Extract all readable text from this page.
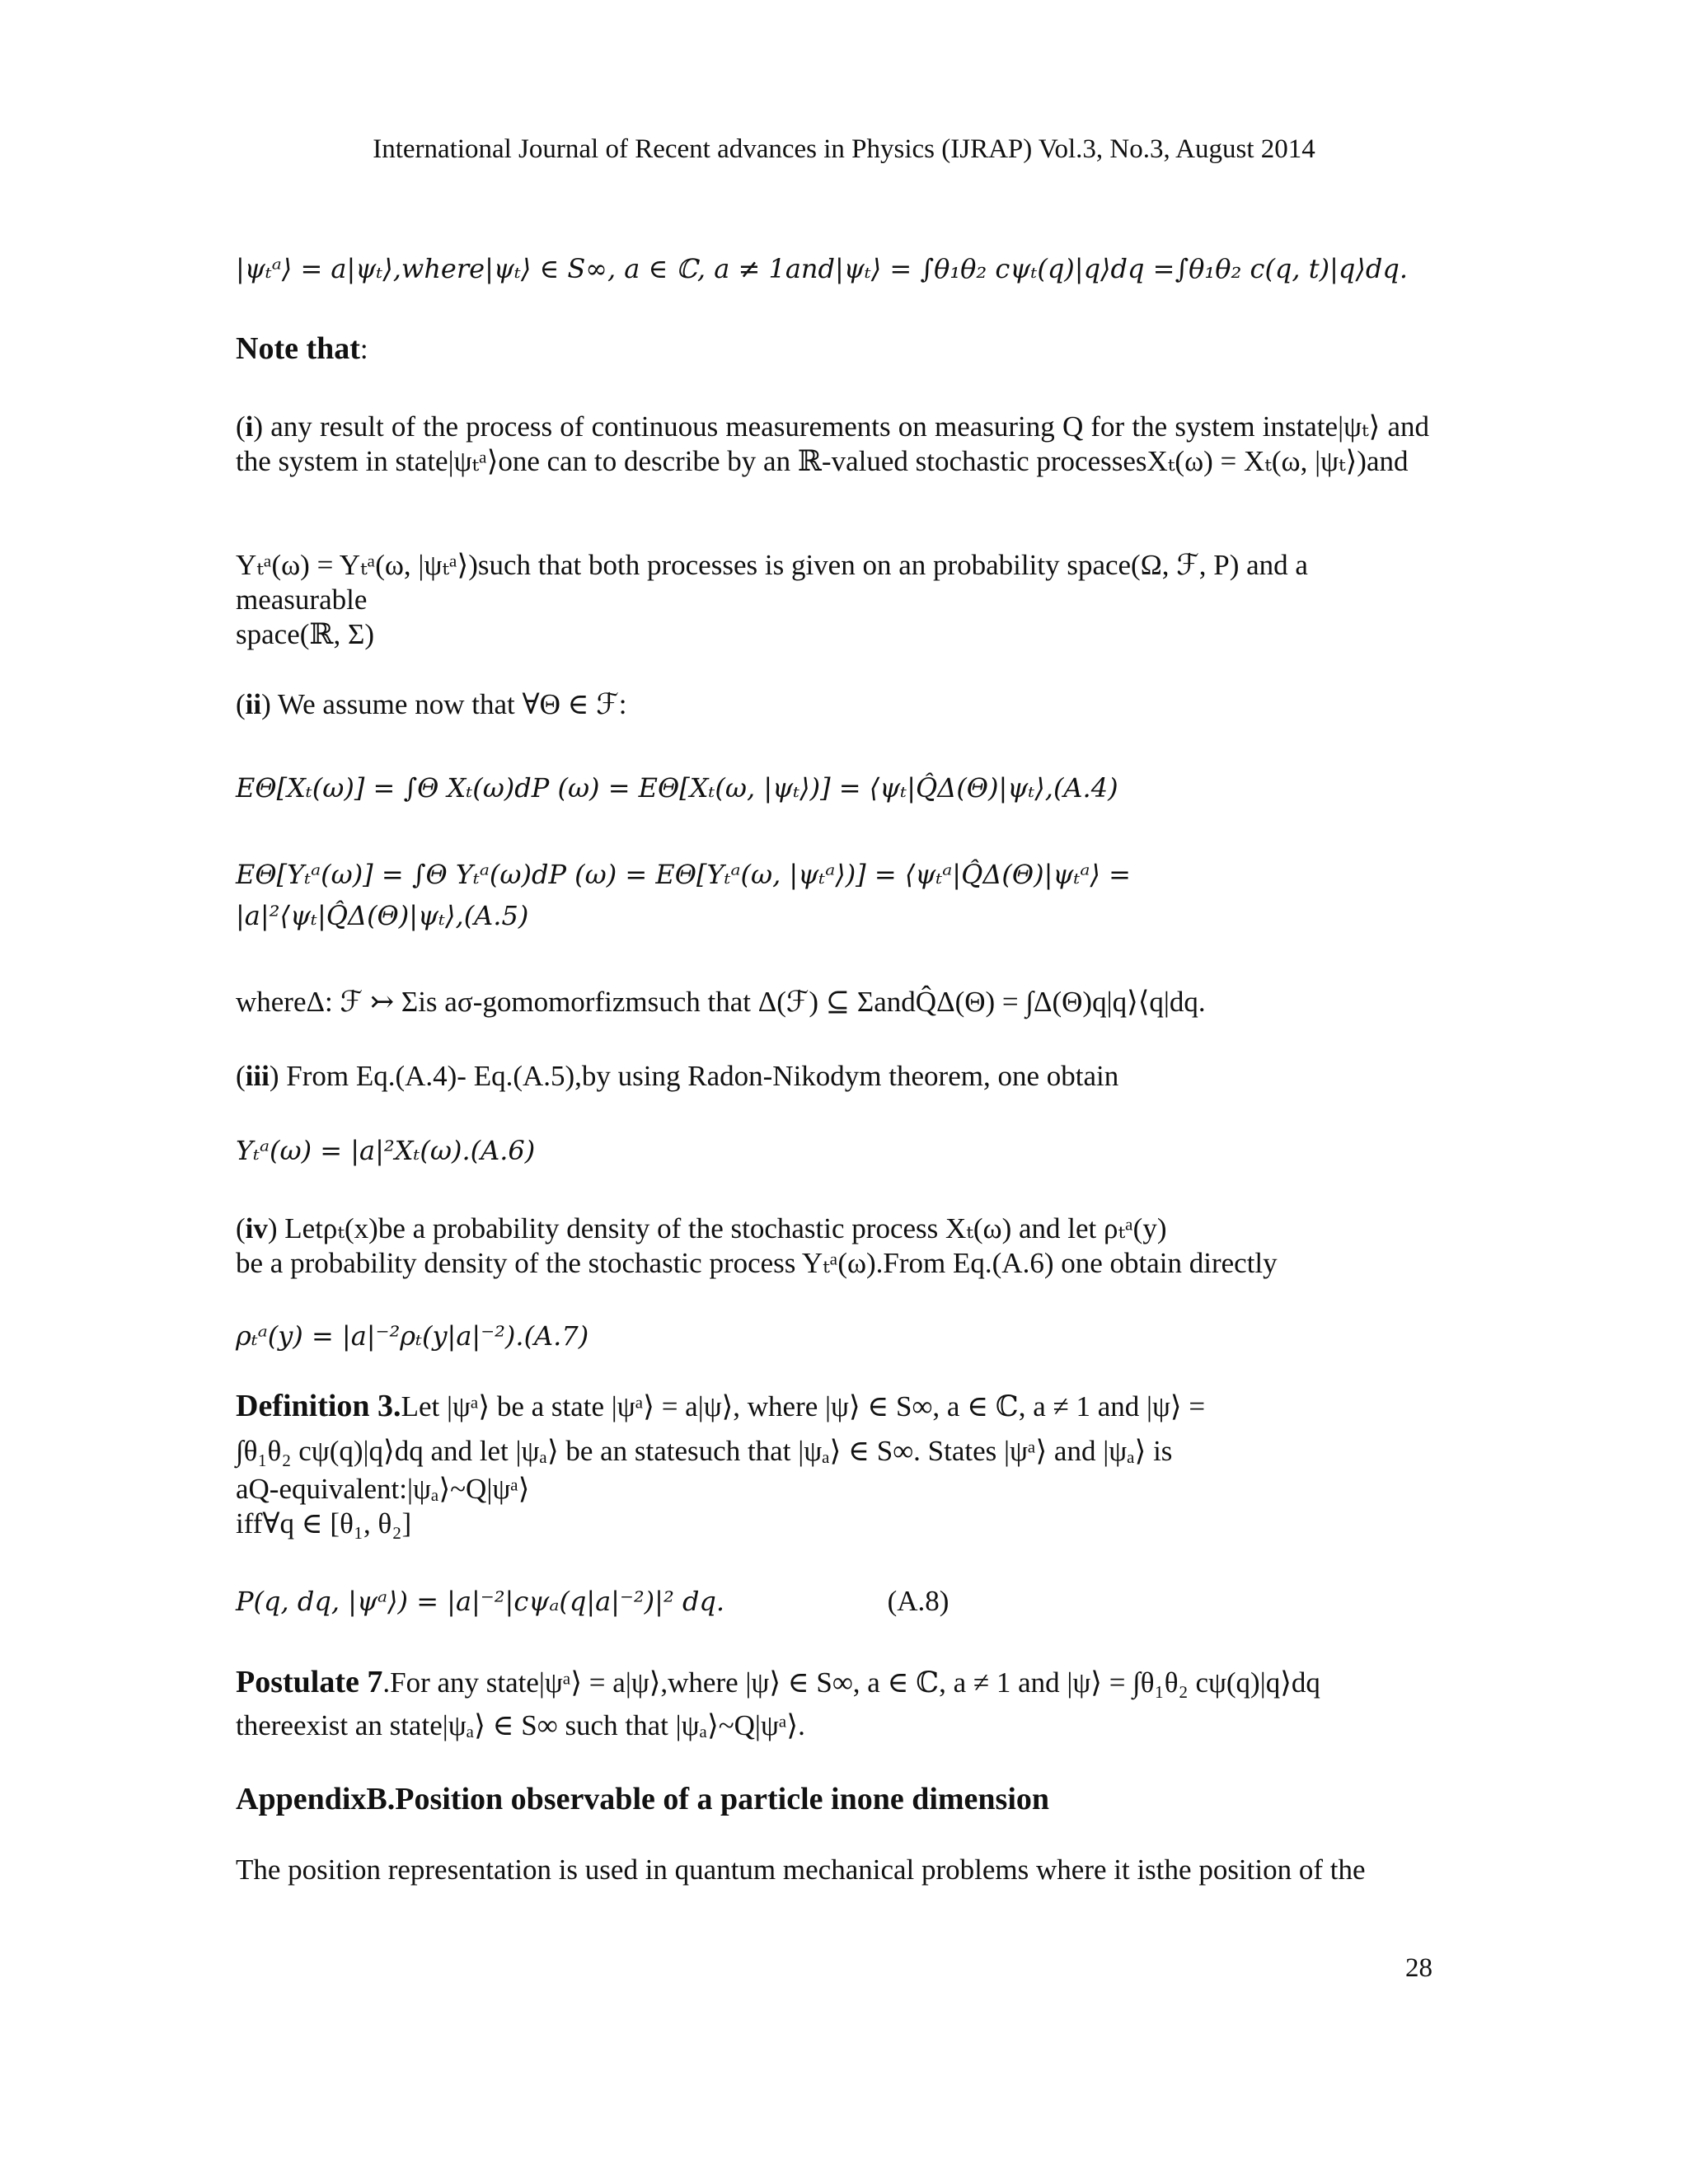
International Journal of Recent advances in Physics (IJRAP) Vol.3, No.3, August 2014
|ψₜᵃ⟩ = a|ψₜ⟩,where|ψₜ⟩ ∈ S∞, a ∈ ℂ, a ≠ 1and|ψₜ⟩ = ∫θ₁θ₂ cψₜ(q)|q⟩dq =∫θ₁θ₂ c(q, t)|q⟩dq.
Note that:
(i) any result of the process of continuous measurements on measuring Q for the system instate|ψₜ⟩ and the system in state|ψₜᵃ⟩one can to describe by an ℝ-valued stochastic processesXₜ(ω) = Xₜ(ω, |ψₜ⟩)and
Yₜᵃ(ω) = Yₜᵃ(ω, |ψₜᵃ⟩)such that both processes is given on an probability space(Ω, ℱ, P) and a measurable
space(ℝ, Σ)
(ii) We assume now that ∀Θ ∈ ℱ:
EΘ[Xₜ(ω)] = ∫Θ Xₜ(ω)dP (ω) = EΘ[Xₜ(ω, |ψₜ⟩)] = ⟨ψₜ|Q̂Δ(Θ)|ψₜ⟩,(A.4)
EΘ[Yₜᵃ(ω)] = ∫Θ Yₜᵃ(ω)dP (ω) = EΘ[Yₜᵃ(ω, |ψₜᵃ⟩)] = ⟨ψₜᵃ|Q̂Δ(Θ)|ψₜᵃ⟩ =
|a|²⟨ψₜ|Q̂Δ(Θ)|ψₜ⟩,(A.5)
whereΔ: ℱ ↣ Σis aσ-gomomorfizmsuch that Δ(ℱ) ⊆ ΣandQ̂Δ(Θ) = ∫Δ(Θ)q|q⟩⟨q|dq.
(iii) From Eq.(A.4)- Eq.(A.5),by using Radon-Nikodym theorem, one obtain
Yₜᵃ(ω) = |a|²Xₜ(ω).(A.6)
(iv) Letρₜ(x)be a probability density of the stochastic process Xₜ(ω) and let ρₜᵃ(y)
be a probability density of the stochastic process Yₜᵃ(ω).From Eq.(A.6) one obtain directly
ρₜᵃ(y) = |a|⁻²ρₜ(y|a|⁻²).(A.7)
Definition 3.Let |ψᵃ⟩ be a state |ψᵃ⟩ = a|ψ⟩, where |ψ⟩ ∈ S∞, a ∈ ℂ, a ≠ 1 and |ψ⟩ =
∫θ₁θ₂ cψ(q)|q⟩dq and let |ψₐ⟩ be an statesuch that |ψₐ⟩ ∈ S∞. States |ψᵃ⟩ and |ψₐ⟩ is
aQ-equivalent:|ψₐ⟩~Q|ψᵃ⟩
iff∀q ∈ [θ₁, θ₂]
P(q, dq, |ψᵃ⟩) = |a|⁻²|cψₐ(q|a|⁻²)|² dq.	(A.8)
Postulate 7.For any state|ψᵃ⟩ = a|ψ⟩,where |ψ⟩ ∈ S∞, a ∈ ℂ, a ≠ 1 and |ψ⟩ = ∫θ₁θ₂ cψ(q)|q⟩dq
thereexist an state|ψₐ⟩ ∈ S∞ such that |ψₐ⟩~Q|ψᵃ⟩.
AppendixB.Position observable of a particle inone dimension
The position representation is used in quantum mechanical problems where it isthe position of the
28
